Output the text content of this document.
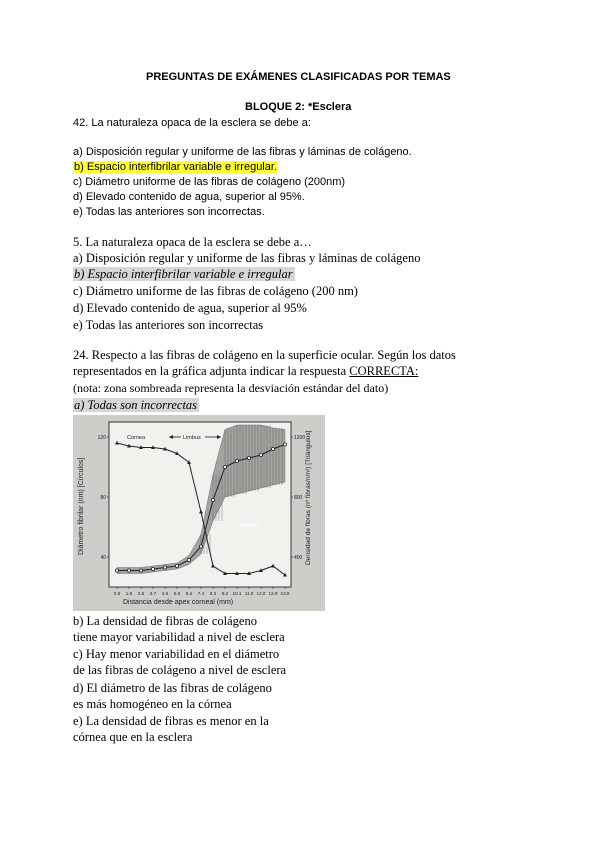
PREGUNTAS DE EXÁMENES CLASIFICADAS POR TEMAS
BLOQUE 2: *Esclera
42. La naturaleza opaca de la esclera se debe a:
a) Disposición regular y uniforme de las fibras y láminas de colágeno.
b) Espacio interfibrilar variable e irregular.
c) Diámetro uniforme de las fibras de colágeno (200nm)
d) Elevado contenido de agua, superior al 95%.
e) Todas las anteriores son incorrectas.
5. La naturaleza opaca de la esclera se debe a…
a) Disposición regular y uniforme de las fibras y láminas de colágeno
b) Espacio interfibrilar variable e irregular
c) Diámetro uniforme de las fibras de colágeno (200 nm)
d) Elevado contenido de agua, superior al 95%
e) Todas las anteriores son incorrectas
24. Respecto a las fibras de colágeno en la superficie ocular. Según los datos
representados en la gráfica adjunta indicar la respuesta CORRECTA:
(nota: zona sombreada representa la desviación estándar del dato)
a) Todas son incorrectas
0.9 1.8 2.8 3.7 4.6 5.5 6.4 7.4 8.3 9.2 10.1 11.0 12.0 12.9 13.8
120
80
40
1200
800
400
Cornea	Limbus
Esclera
Diámetro fibrilar (nm) [Círculos]	Densidad de fibras (nº fibras/nm²) [Triángulos]
Distancia desde apex corneal (mm)
b) La densidad de fibras de colágeno
tiene mayor variabilidad a nivel de esclera
c) Hay menor variabilidad en el diámetro
de las fibras de colágeno a nivel de esclera
d) El diámetro de las fibras de colágeno
es más homogéneo en la córnea
e) La densidad de fibras es menor en la
córnea que en la esclera
